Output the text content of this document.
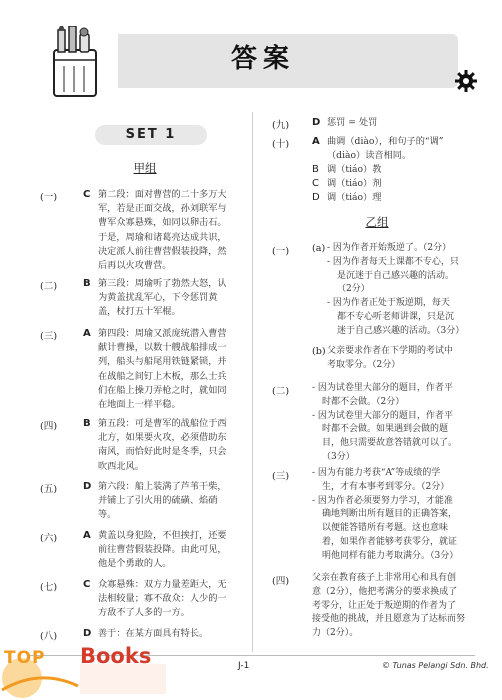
答案
SET 1
甲组
(一)	C 第二段：面对曹营的二十多万大
军，若是正面交战，孙刘联军与
曹军众寡悬殊，如同以卵击石。
于是，周瑜和诸葛亮达成共识，
决定派人前往曹营假装投降，然
后再以火攻曹营。
(二)	B 第三段：周瑜听了勃然大怒，认
为黄盖扰乱军心，下令惩罚黄
盖，杖打五十军棍。
(三)	A 第四段：周瑜又派庞统潜入曹营
献计曹操，以数十艘战船排成一
列，船头与船尾用铁链紧锁，并
在战船之间钉上木板，那么士兵
们在船上操刀弄枪之时，就如同
在地面上一样平稳。
(四)	B 第五段：可是曹军的战船位于西
北方，如果要火攻，必须借助东
南风，而恰好此时是冬季，只会
吹西北风。
(五)	D 第六段：船上装满了芦苇干柴，
并铺上了引火用的硫磺、焰硝
等。
(六)	A 黄盖以身犯险，不但挨打，还要
前往曹营假装投降。由此可见，
他是个勇敢的人。
(七)	C 众寡悬殊：双方力量差距大，无
法相较量；寡不敌众：人少的一
方敌不了人多的一方。
(八)	D 善于：在某方面具有特长。
(九) D 惩罚 = 处罚
(十) A 曲调（diào），和句子的“调”
（diào）读音相同。
B 调（tiáo）教
C 调（tiáo）剂
D 调（tiáo）理
乙组
(一) (a) - 因为作者开始叛逆了。（2分）
- 因为作者每天上课都不专心，只
是沉迷于自己感兴趣的活动。
（2分）
- 因为作者正处于叛逆期，每天
都不专心听老师讲课，只是沉
迷于自己感兴趣的活动。（3分）
(b) 父亲要求作者在下学期的考试中
考取零分。（2分）
(二)	- 因为试卷里大部分的题目，作者平
时都不会做。（2分）
- 因为试卷里大部分的题目，作者平
时都不会做。如果遇到会做的题
目，他只需要故意答错就可以了。
（3分）
(三)	- 因为有能力考获“A”等成绩的学
生，才有本事考到零分。（2分）
- 因为作者必须要努力学习，才能准
确地判断出所有题目的正确答案，
以便能答错所有考题。这也意味
着，如果作者能够考获零分，就证
明他同样有能力考取满分。（3分）
(四)	父亲在教育孩子上非常用心和具有创
意（2分），他把考满分的要求换成了
考零分，让正处于叛逆期的作者为了
接受他的挑战，并且愿意为了达标而努
力（2分）。
J-1	© Tunas Pelangi Sdn. Bhd.
TOP Books
